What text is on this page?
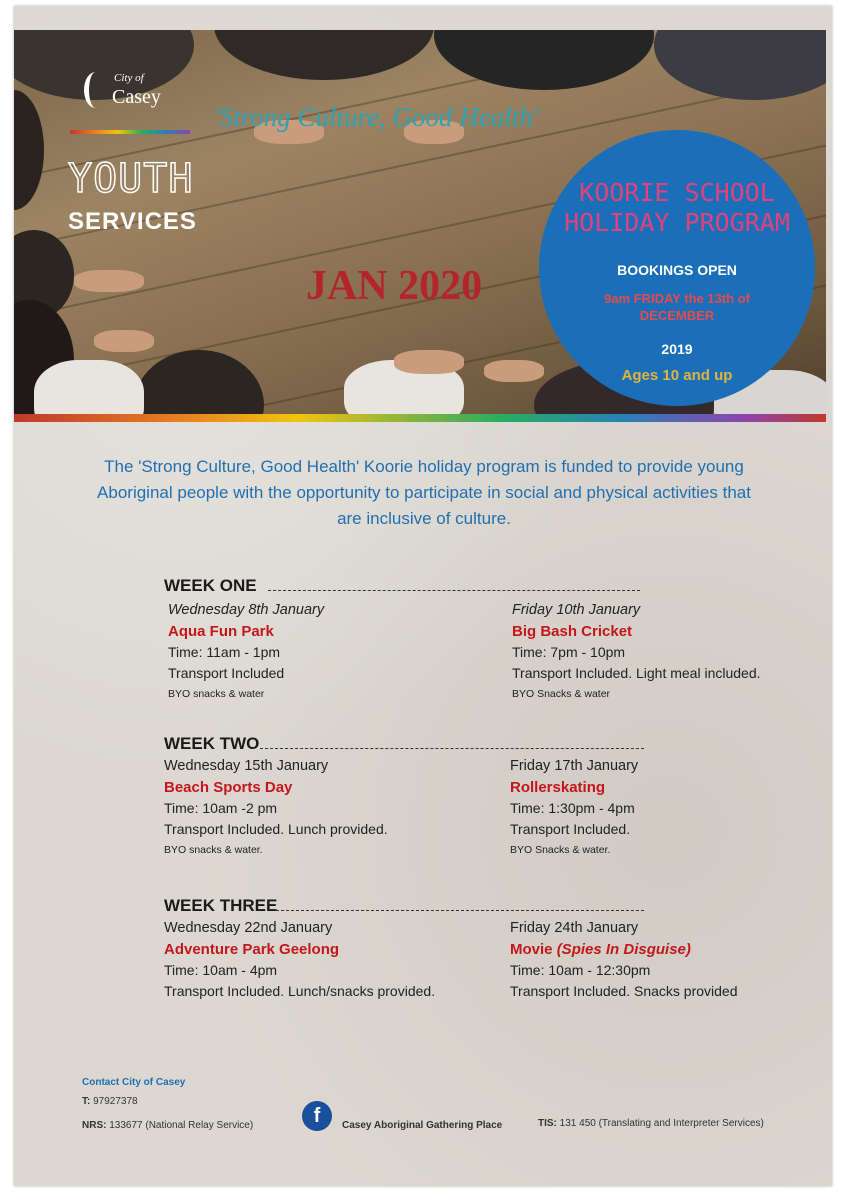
City of
Casey
YOUTH
SERVICES
'Strong Culture, Good Health'
JAN 2020
KOORIE SCHOOL HOLIDAY PROGRAM
BOOKINGS OPEN
9am FRIDAY the 13th of DECEMBER
2019
Ages 10 and up
The 'Strong Culture, Good Health' Koorie holiday program is funded to provide young Aboriginal people with the opportunity to participate in social and physical activities that are inclusive of culture.
WEEK ONE
Wednesday 8th January
Aqua Fun Park
Time: 11am - 1pm
Transport Included
BYO snacks & water
Friday 10th January
Big Bash Cricket
Time: 7pm - 10pm
Transport Included. Light meal included.
BYO Snacks & water
WEEK TWO
Wednesday 15th January
Beach Sports Day
Time: 10am -2 pm
Transport Included. Lunch provided.
BYO snacks & water.
Friday 17th January
Rollerskating
Time: 1:30pm - 4pm
Transport Included.
BYO Snacks & water.
WEEK THREE
Wednesday 22nd January
Adventure Park Geelong
Time: 10am - 4pm
Transport Included. Lunch/snacks provided.
Friday 24th January
Movie (Spies In Disguise)
Time: 10am - 12:30pm
Transport Included. Snacks provided
Contact City of Casey
T: 97927378
NRS: 133677 (National Relay Service)	f	Casey Aboriginal Gathering Place	TIS: 131 450 (Translating and Interpreter Services)
